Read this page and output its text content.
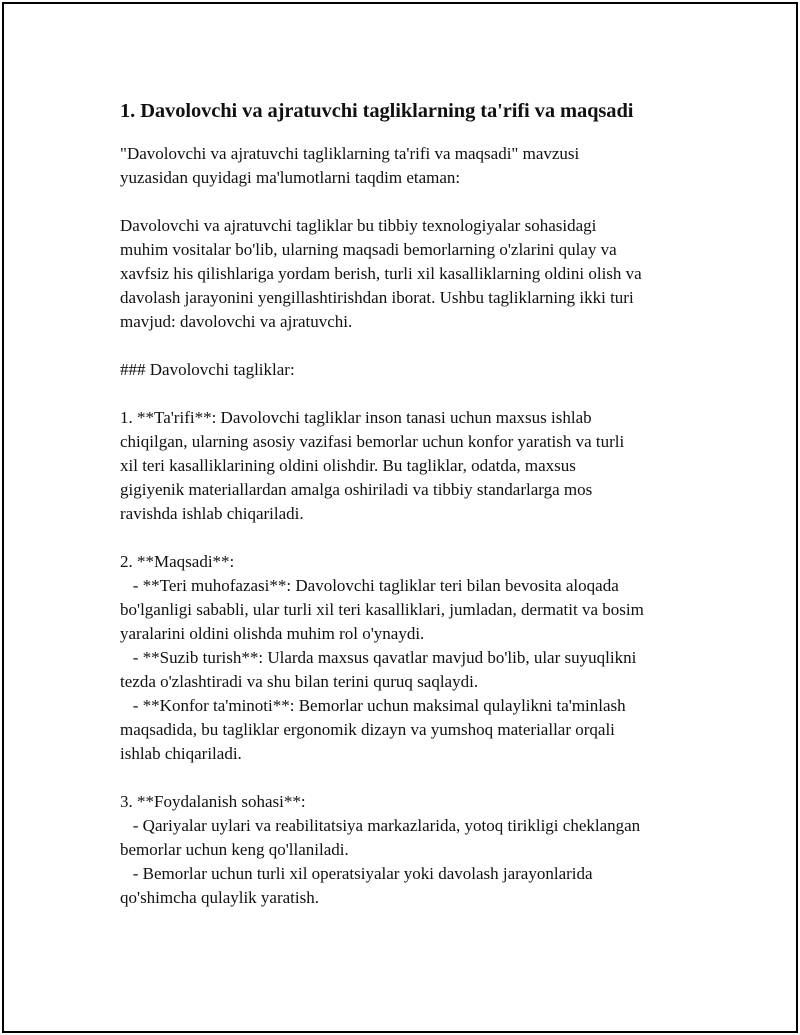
1. Davolovchi va ajratuvchi tagliklarning ta'rifi va maqsadi
"Davolovchi va ajratuvchi tagliklarning ta'rifi va maqsadi" mavzusi
yuzasidan quyidagi ma'lumotlarni taqdim etaman:
Davolovchi va ajratuvchi tagliklar bu tibbiy texnologiyalar sohasidagi
muhim vositalar bo'lib, ularning maqsadi bemorlarning o'zlarini qulay va
xavfsiz his qilishlariga yordam berish, turli xil kasalliklarning oldini olish va
davolash jarayonini yengillashtirishdan iborat. Ushbu tagliklarning ikki turi
mavjud: davolovchi va ajratuvchi.
### Davolovchi tagliklar:
1. **Ta'rifi**: Davolovchi tagliklar inson tanasi uchun maxsus ishlab
chiqilgan, ularning asosiy vazifasi bemorlar uchun konfor yaratish va turli
xil teri kasalliklarining oldini olishdir. Bu tagliklar, odatda, maxsus
gigiyenik materiallardan amalga oshiriladi va tibbiy standarlarga mos
ravishda ishlab chiqariladi.
2. **Maqsadi**:
- **Teri muhofazasi**: Davolovchi tagliklar teri bilan bevosita aloqada
bo'lganligi sababli, ular turli xil teri kasalliklari, jumladan, dermatit va bosim
yaralarini oldini olishda muhim rol o'ynaydi.
- **Suzib turish**: Ularda maxsus qavatlar mavjud bo'lib, ular suyuqlikni
tezda o'zlashtiradi va shu bilan terini quruq saqlaydi.
- **Konfor ta'minoti**: Bemorlar uchun maksimal qulaylikni ta'minlash
maqsadida, bu tagliklar ergonomik dizayn va yumshoq materiallar orqali
ishlab chiqariladi.
3. **Foydalanish sohasi**:
- Qariyalar uylari va reabilitatsiya markazlarida, yotoq tirikligi cheklangan
bemorlar uchun keng qo'llaniladi.
- Bemorlar uchun turli xil operatsiyalar yoki davolash jarayonlarida
qo'shimcha qulaylik yaratish.
